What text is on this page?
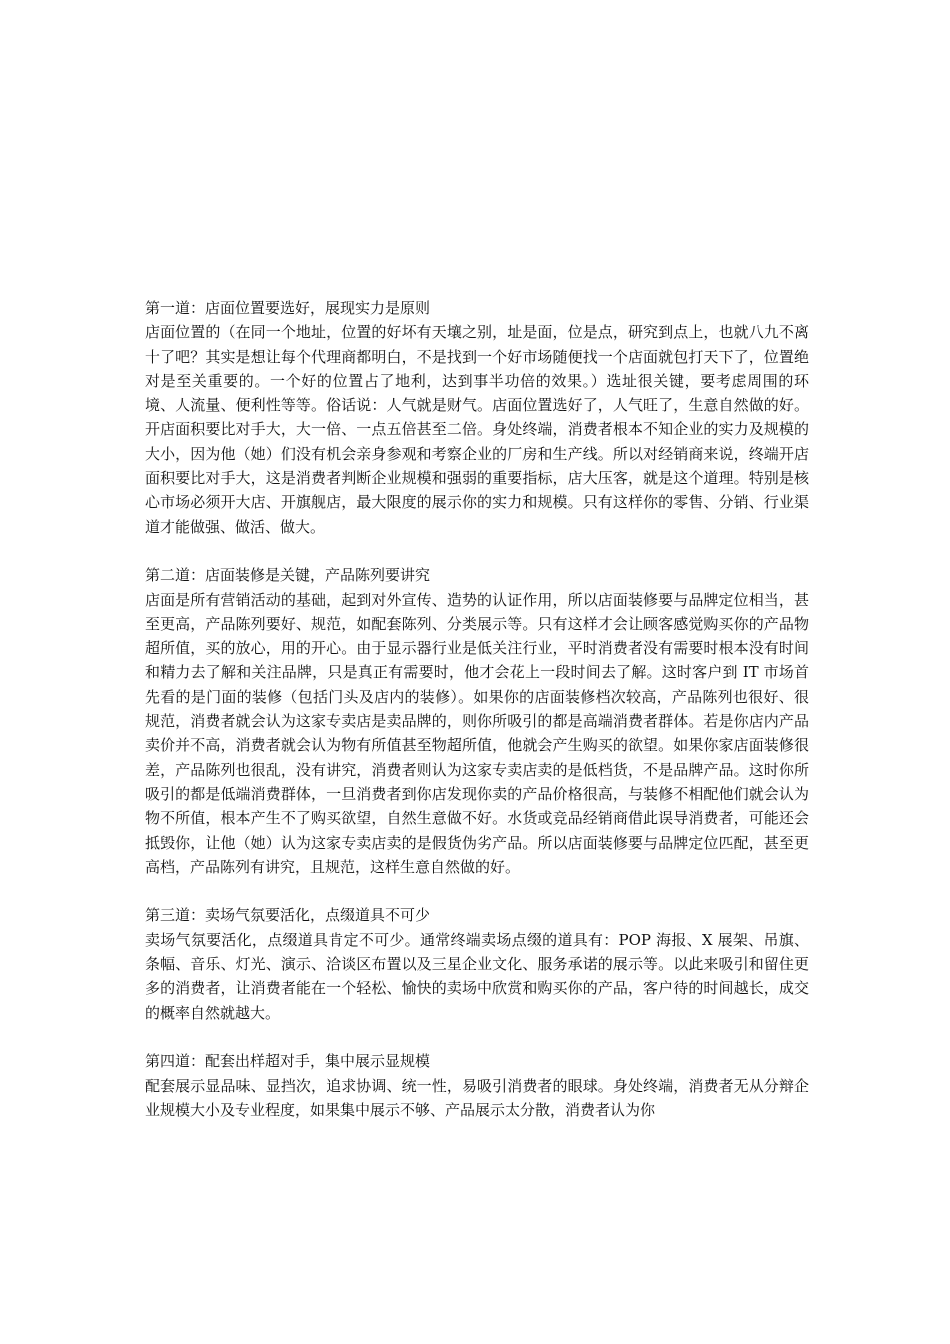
第一道：店面位置要选好，展现实力是原则

店面位置的（在同一个地址，位置的好坏有天壤之别，址是面，位是点，研究到点上，也就八九不离十了吧？其实是想让每个代理商都明白，不是找到一个好市场随便找一个店面就包打天下了，位置绝对是至关重要的。一个好的位置占了地利，达到事半功倍的效果。）选址很关键，要考虑周围的环境、人流量、便利性等等。俗话说：人气就是财气。店面位置选好了，人气旺了，生意自然做的好。开店面积要比对手大，大一倍、一点五倍甚至二倍。身处终端，消费者根本不知企业的实力及规模的大小，因为他（她）们没有机会亲身参观和考察企业的厂房和生产线。所以对经销商来说，终端开店面积要比对手大，这是消费者判断企业规模和强弱的重要指标，店大压客，就是这个道理。特别是核心市场必须开大店、开旗舰店，最大限度的展示你的实力和规模。只有这样你的零售、分销、行业渠道才能做强、做活、做大。

第二道：店面装修是关键，产品陈列要讲究

店面是所有营销活动的基础，起到对外宣传、造势的认证作用，所以店面装修要与品牌定位相当，甚至更高，产品陈列要好、规范，如配套陈列、分类展示等。只有这样才会让顾客感觉购买你的产品物超所值，买的放心，用的开心。由于显示器行业是低关注行业，平时消费者没有需要时根本没有时间和精力去了解和关注品牌，只是真正有需要时，他才会花上一段时间去了解。这时客户到 IT 市场首先看的是门面的装修（包括门头及店内的装修）。如果你的店面装修档次较高，产品陈列也很好、很规范，消费者就会认为这家专卖店是卖品牌的，则你所吸引的都是高端消费者群体。若是你店内产品卖价并不高，消费者就会认为物有所值甚至物超所值，他就会产生购买的欲望。如果你家店面装修很差，产品陈列也很乱，没有讲究，消费者则认为这家专卖店卖的是低档货，不是品牌产品。这时你所吸引的都是低端消费群体，一旦消费者到你店发现你卖的产品价格很高，与装修不相配他们就会认为物不所值，根本产生不了购买欲望，自然生意做不好。水货或竞品经销商借此误导消费者，可能还会抵毁你，让他（她）认为这家专卖店卖的是假货伪劣产品。所以店面装修要与品牌定位匹配，甚至更高档，产品陈列有讲究，且规范，这样生意自然做的好。

第三道：卖场气氛要活化，点缀道具不可少

卖场气氛要活化，点缀道具肯定不可少。通常终端卖场点缀的道具有：POP 海报、X 展架、吊旗、条幅、音乐、灯光、演示、洽谈区布置以及三星企业文化、服务承诺的展示等。以此来吸引和留住更多的消费者，让消费者能在一个轻松、愉快的卖场中欣赏和购买你的产品，客户待的时间越长，成交的概率自然就越大。

第四道：配套出样超对手，集中展示显规模

配套展示显品味、显挡次，追求协调、统一性，易吸引消费者的眼球。身处终端，消费者无从分辩企业规模大小及专业程度，如果集中展示不够、产品展示太分散，消费者认为你
